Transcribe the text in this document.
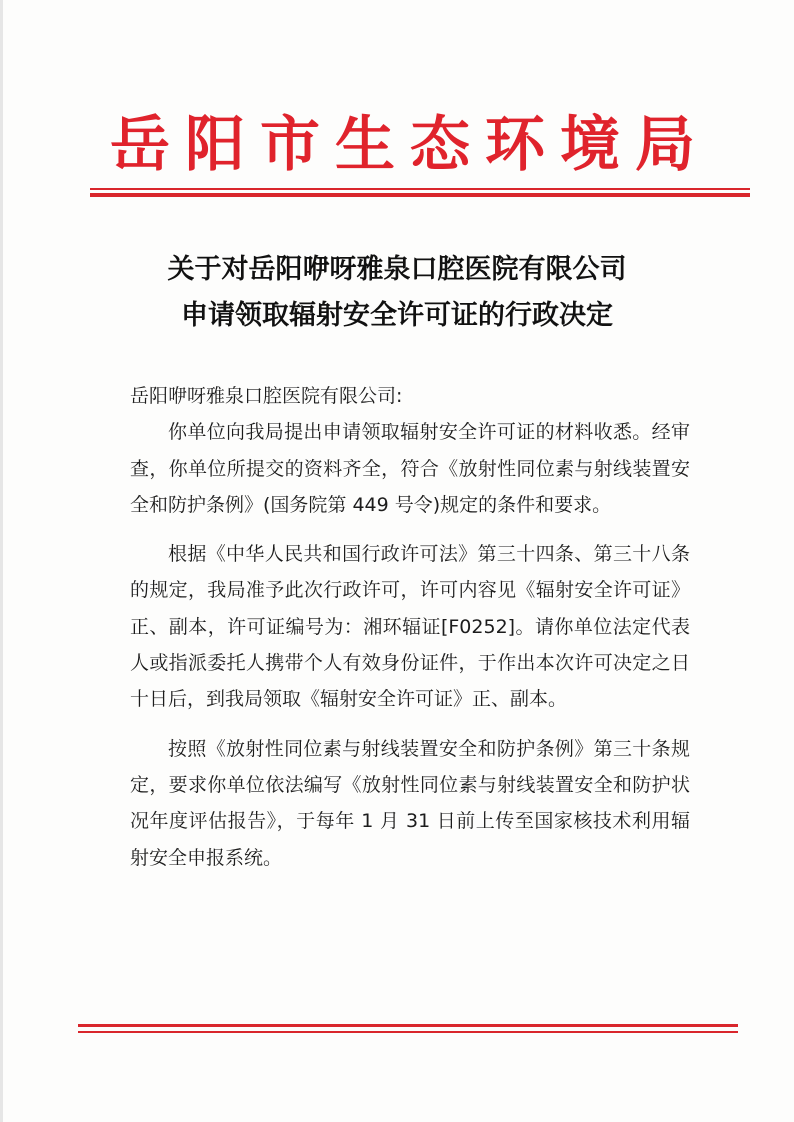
岳阳市生态环境局
关于对岳阳咿呀雅泉口腔医院有限公司
申请领取辐射安全许可证的行政决定

岳阳咿呀雅泉口腔医院有限公司:

你单位向我局提出申请领取辐射安全许可证的材料收悉。经审查，你单位所提交的资料齐全，符合《放射性同位素与射线装置安全和防护条例》(国务院第 449 号令)规定的条件和要求。

根据《中华人民共和国行政许可法》第三十四条、第三十八条的规定，我局准予此次行政许可，许可内容见《辐射安全许可证》正、副本，许可证编号为：湘环辐证[F0252]。请你单位法定代表人或指派委托人携带个人有效身份证件，于作出本次许可决定之日十日后，到我局领取《辐射安全许可证》正、副本。

按照《放射性同位素与射线装置安全和防护条例》第三十条规定，要求你单位依法编写《放射性同位素与射线装置安全和防护状况年度评估报告》，于每年 1 月 31 日前上传至国家核技术利用辐射安全申报系统。
